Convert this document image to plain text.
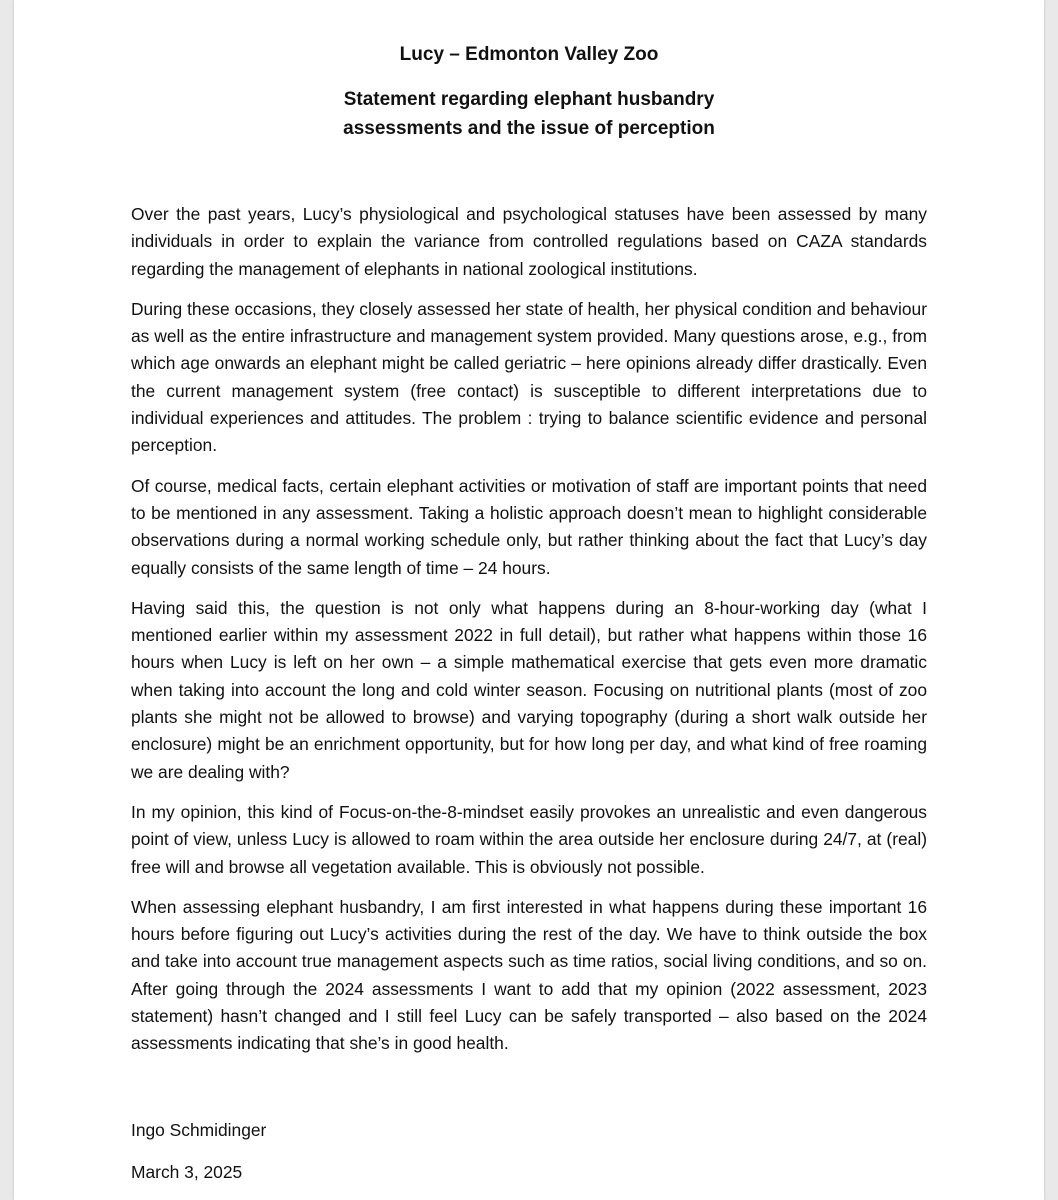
Lucy – Edmonton Valley Zoo
Statement regarding elephant husbandry
assessments and the issue of perception

Over the past years, Lucy’s physiological and psychological statuses have been assessed by many individuals in order to explain the variance from controlled regulations based on CAZA standards regarding the management of elephants in national zoological institutions.

During these occasions, they closely assessed her state of health, her physical condition and behaviour as well as the entire infrastructure and management system provided. Many questions arose, e.g., from which age onwards an elephant might be called geriatric – here opinions already differ drastically. Even the current management system (free contact) is susceptible to different interpretations due to individual experiences and attitudes. The problem : trying to balance scientific evidence and personal perception.

Of course, medical facts, certain elephant activities or motivation of staff are important points that need to be mentioned in any assessment. Taking a holistic approach doesn’t mean to highlight considerable observations during a normal working schedule only, but rather thinking about the fact that Lucy’s day equally consists of the same length of time – 24 hours.

Having said this, the question is not only what happens during an 8-hour-working day (what I mentioned earlier within my assessment 2022 in full detail), but rather what happens within those 16 hours when Lucy is left on her own – a simple mathematical exercise that gets even more dramatic when taking into account the long and cold winter season. Focusing on nutritional plants (most of zoo plants she might not be allowed to browse) and varying topography (during a short walk outside her enclosure) might be an enrichment opportunity, but for how long per day, and what kind of free roaming we are dealing with?

In my opinion, this kind of Focus-on-the-8-mindset easily provokes an unrealistic and even dangerous point of view, unless Lucy is allowed to roam within the area outside her enclosure during 24/7, at (real) free will and browse all vegetation available. This is obviously not possible.

When assessing elephant husbandry, I am first interested in what happens during these important 16 hours before figuring out Lucy’s activities during the rest of the day. We have to think outside the box and take into account true management aspects such as time ratios, social living conditions, and so on. After going through the 2024 assessments I want to add that my opinion (2022 assessment, 2023 statement) hasn’t changed and I still feel Lucy can be safely transported – also based on the 2024 assessments indicating that she’s in good health.

Ingo Schmidinger

March 3, 2025
